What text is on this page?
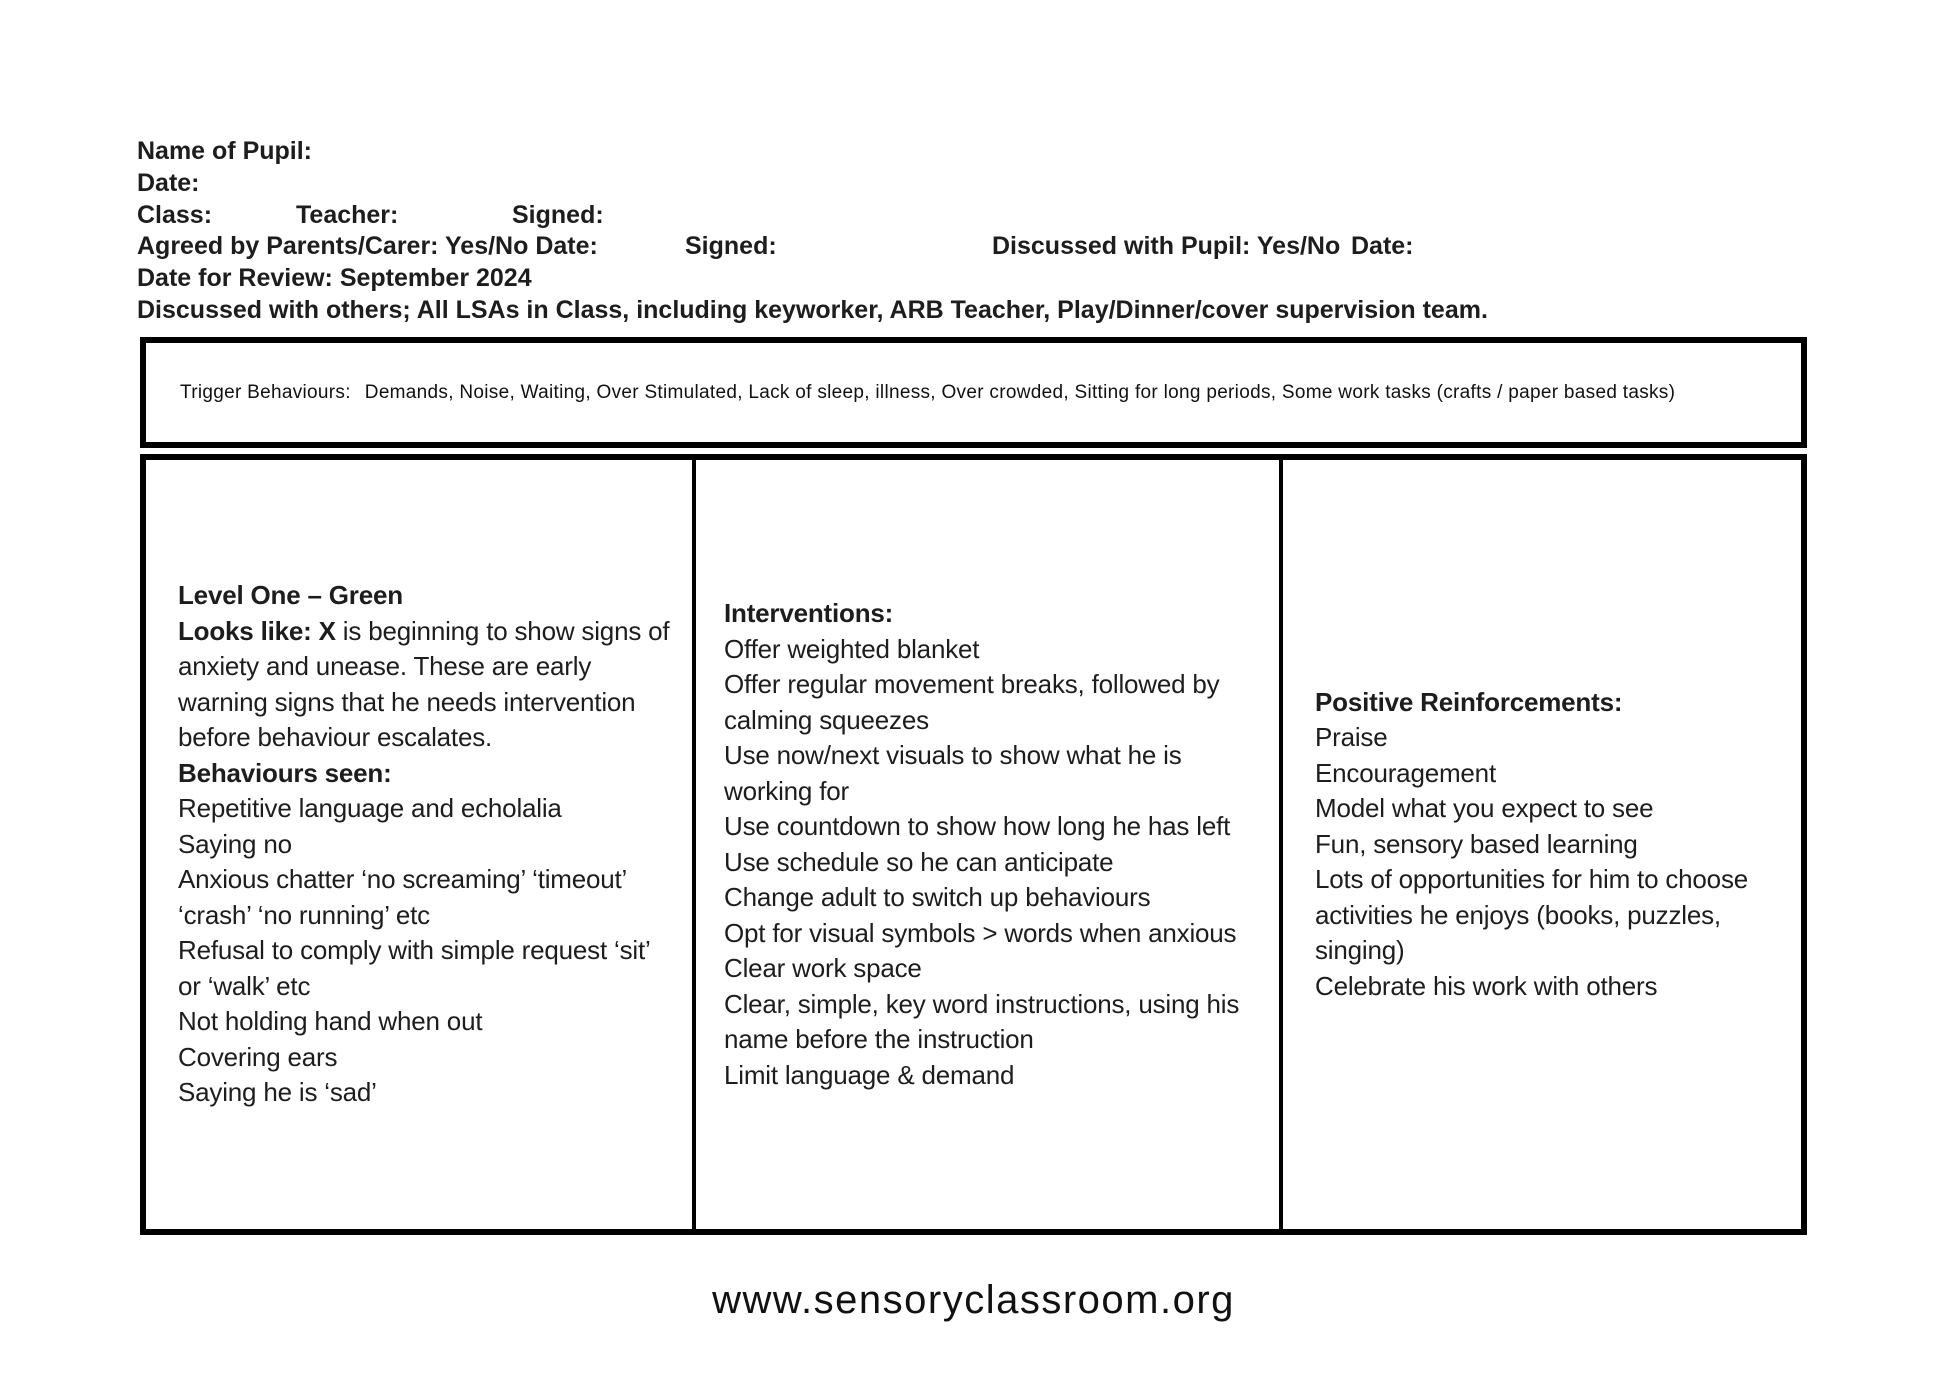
Name of Pupil:
Date:
Class:	Teacher:	Signed:
Agreed by Parents/Carer: Yes/No Date:	Signed:	Discussed with Pupil: Yes/No Date:
Date for Review: September 2024
Discussed with others; All LSAs in Class, including keyworker, ARB Teacher, Play/Dinner/cover supervision team.
Trigger Behaviours: Demands, Noise, Waiting, Over Stimulated, Lack of sleep, illness, Over crowded, Sitting for long periods, Some work tasks (crafts / paper based tasks)
Level One – Green
Looks like: X is beginning to show signs of anxiety and unease. These are early warning signs that he needs intervention before behaviour escalates.
Behaviours seen:
Repetitive language and echolalia
Saying no
Anxious chatter ‘no screaming’ ‘timeout’ ‘crash’ ‘no running’ etc
Refusal to comply with simple request ‘sit’ or ‘walk’ etc
Not holding hand when out
Covering ears
Saying he is ‘sad’
Interventions:
Offer weighted blanket
Offer regular movement breaks, followed by calming squeezes
Use now/next visuals to show what he is working for
Use countdown to show how long he has left
Use schedule so he can anticipate
Change adult to switch up behaviours
Opt for visual symbols > words when anxious
Clear work space
Clear, simple, key word instructions, using his name before the instruction
Limit language & demand
Positive Reinforcements:
Praise
Encouragement
Model what you expect to see
Fun, sensory based learning
Lots of opportunities for him to choose activities he enjoys (books, puzzles, singing)
Celebrate his work with others
www.sensoryclassroom.org
